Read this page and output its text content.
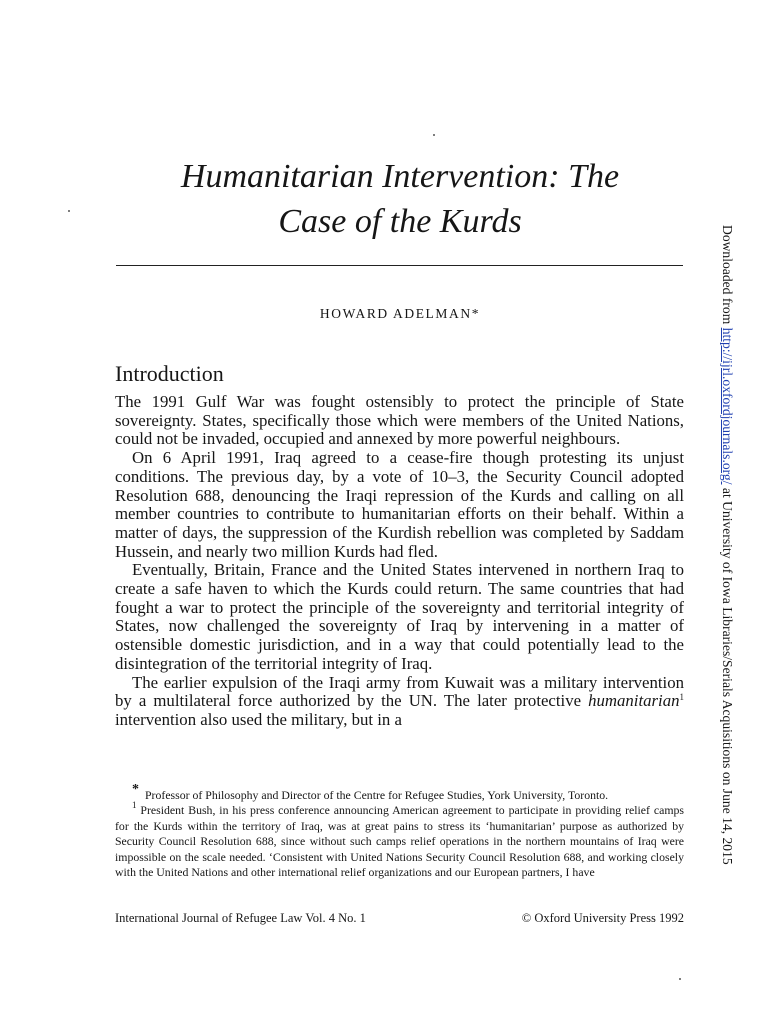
Humanitarian Intervention: The
Case of the Kurds

HOWARD ADELMAN*

Introduction

The 1991 Gulf War was fought ostensibly to protect the principle of State sovereignty. States, specifically those which were members of the United Nations, could not be invaded, occupied and annexed by more powerful neighbours.

On 6 April 1991, Iraq agreed to a cease-fire though protesting its unjust conditions. The previous day, by a vote of 10–3, the Security Council adopted Resolution 688, denouncing the Iraqi repression of the Kurds and calling on all member countries to contribute to humanitarian efforts on their behalf. Within a matter of days, the suppression of the Kurdish rebellion was completed by Saddam Hussein, and nearly two million Kurds had fled.

Eventually, Britain, France and the United States intervened in northern Iraq to create a safe haven to which the Kurds could return. The same countries that had fought a war to protect the principle of the sovereignty and territorial integrity of States, now challenged the sovereignty of Iraq by intervening in a matter of ostensible domestic jurisdiction, and in a way that could potentially lead to the disintegration of the territorial integrity of Iraq.

The earlier expulsion of the Iraqi army from Kuwait was a military intervention by a multilateral force authorized by the UN. The later protective humanitarian$^1$ intervention also used the military, but in a

* Professor of Philosophy and Director of the Centre for Refugee Studies, York University, Toronto.

$^1$ President Bush, in his press conference announcing American agreement to participate in providing relief camps for the Kurds within the territory of Iraq, was at great pains to stress its ‘humanitarian’ purpose as authorized by Security Council Resolution 688, since without such camps relief operations in the northern mountains of Iraq were impossible on the scale needed. ‘Consistent with United Nations Security Council Resolution 688, and working closely with the United Nations and other international relief organizations and our European partners, I have

International Journal of Refugee Law Vol. 4 No. 1	© Oxford University Press 1992

Downloaded from http://ijrl.oxfordjournals.org/ at University of Iowa Libraries/Serials Acquisitions on June 14, 2015
